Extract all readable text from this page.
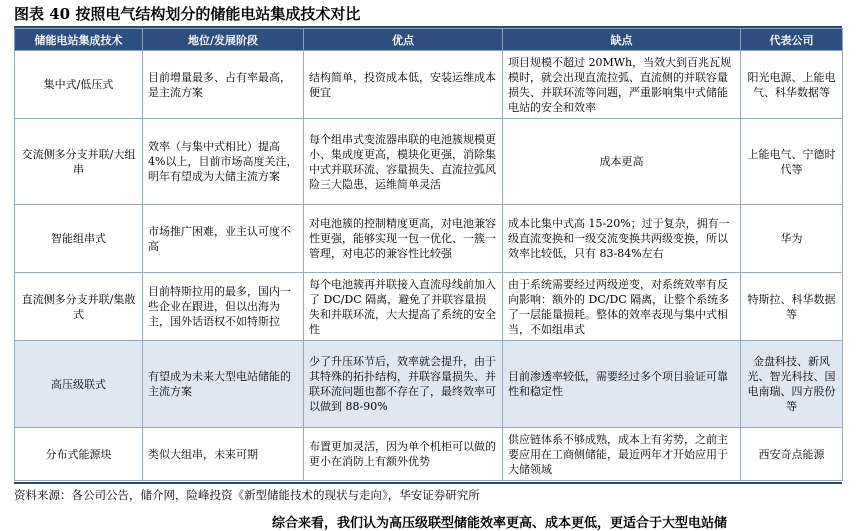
图表 40 按照电气结构划分的储能电站集成技术对比
储能电站集成技术	地位/发展阶段	优点	缺点	代表公司
集中式/低压式	目前增量最多、占有率最高，是主流方案	结构简单，投资成本低，安装运维成本便宜	项目规模不超过 20MWh，当效大到百兆瓦规模时，就会出现直流拉弧、直流侧的并联容量损失、并联环流等问题，严重影响集中式储能电站的安全和效率	阳光电源、上能电气、科华数据等
交流侧多分支并联/大组串	效率（与集中式相比）提高 4%以上，目前市场高度关注，明年有望成为大储主流方案	每个组串式变流器串联的电池簇规模更小、集成度更高，模块化更强，消除集中式并联环流、容量损失、直流拉弧风险三大隐患，运维简单灵活	成本更高	上能电气、宁德时代等
智能组串式	市场推广困难，业主认可度不高	对电池簇的控制精度更高，对电池兼容性更强，能够实现一包一优化、一簇一管理，对电芯的兼容性比较强	成本比集中式高 15-20%；过于复杂，拥有一级直流变换和一级交流变换共两级变换，所以效率比较低，只有 83-84%左右	华为
直流侧多分支并联/集散式	目前特斯拉用的最多，国内一些企业在跟进，但以出海为主，国外话语权不如特斯拉	每个电池簇再并联接入直流母线前加入了 DC/DC 隔离，避免了并联容量损失和并联环流，大大提高了系统的安全性	由于系统需要经过两级逆变，对系统效率有反向影响：额外的 DC/DC 隔离，让整个系统多了一层能量损耗。整体的效率表现与集中式相当，不如组串式	特斯拉、科华数据等
高压级联式	有望成为未来大型电站储能的主流方案	少了升压环节后，效率就会提升，由于其特殊的拓扑结构，并联容量损失、并联环流问题也都不存在了，最终效率可以做到 88-90%	目前渗透率较低，需要经过多个项目验证可靠性和稳定性	金盘科技、新风光、智光科技、国电南瑞、四方股份等
分布式能源块	类似大组串，未来可期	布置更加灵活，因为单个机柜可以做的更小在消防上有额外优势	供应链体系不够成熟，成本上有劣势，之前主要应用在工商侧储能，最近两年才开始应用于大储领域	西安奇点能源
资料来源：各公司公告，储介网，险峰投资《新型储能技术的现状与走向》，华安证券研究所
综合来看，我们认为高压级联型储能效率更高、成本更低，更适合于大型电站储
